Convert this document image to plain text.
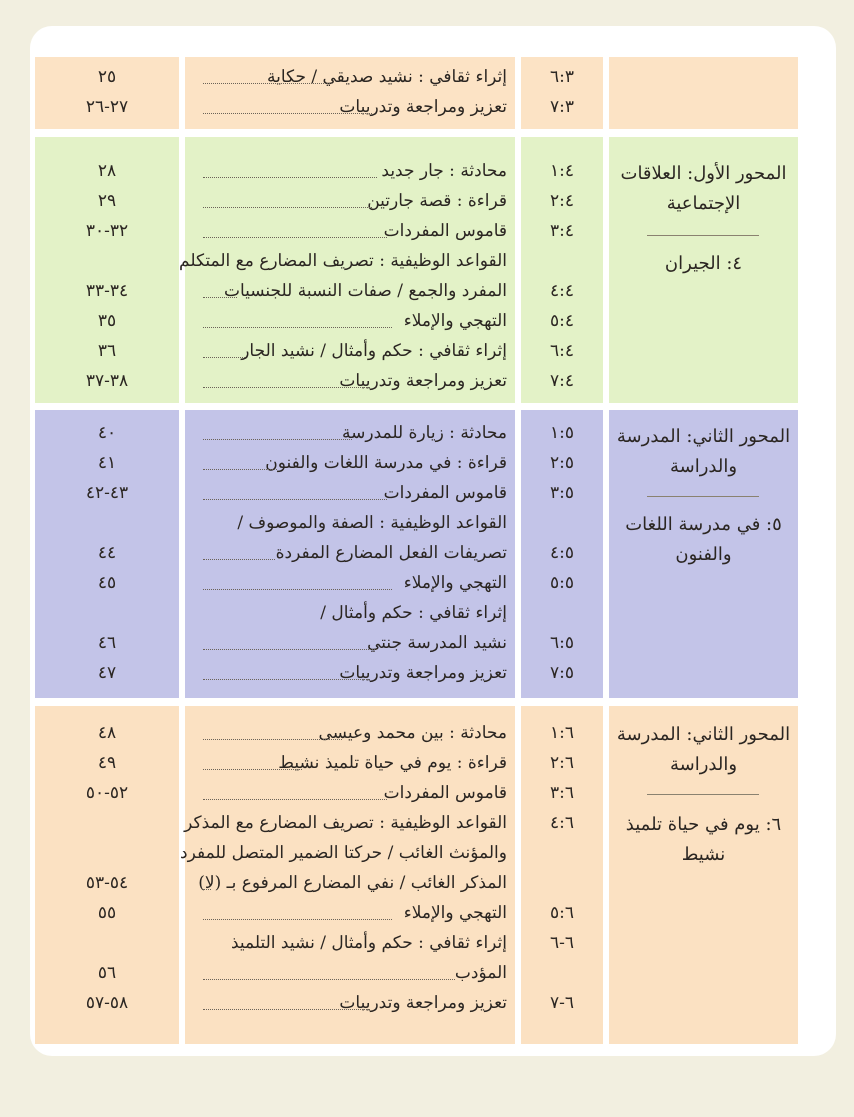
٢٥
٢٧-٢٦
إثراء ثقافي : نشيد صديقي / حكاية
تعزيز ومراجعة وتدريبات
٦:٣
٧:٣
٢٨
٢٩
٣٢-٣٠
٣٤-٣٣
٣٥
٣٦
٣٨-٣٧
محادثة : جار جديد
قراءة : قصة جارتين
قاموس المفردات
القواعد الوظيفية : تصريف المضارع مع المتكلم
المفرد والجمع / صفات النسبة للجنسيات
التهجي والإملاء
إثراء ثقافي : حكم وأمثال / نشيد الجار
تعزيز ومراجعة وتدريبات
١:٤
٢:٤
٣:٤
٤:٤
٥:٤
٦:٤
٧:٤
المحور الأول: العلاقات الإجتماعية
٤: الجيران
٤٠
٤١
٤٣-٤٢
٤٤
٤٥
٤٦
٤٧
محادثة : زيارة للمدرسة
قراءة : في مدرسة اللغات والفنون
قاموس المفردات
القواعد الوظيفية : الصفة والموصوف /
تصريفات الفعل المضارع المفردة
التهجي والإملاء
إثراء ثقافي : حكم وأمثال /
نشيد المدرسة جنتي
تعزيز ومراجعة وتدريبات
١:٥
٢:٥
٣:٥
٤:٥
٥:٥
٦:٥
٧:٥
المحور الثاني: المدرسة والدراسة
٥: في مدرسة اللغات والفنون
٤٨
٤٩
٥٢-٥٠
٥٤-٥٣
٥٥
٥٦
٥٨-٥٧
محادثة : بين محمد وعيسى
قراءة : يوم في حياة تلميذ نشيط
قاموس المفردات
القواعد الوظيفية : تصريف المضارع مع المذكر
والمؤنث الغائب / حركتا الضمير المتصل للمفرد
المذكر الغائب / نفي المضارع المرفوع بـ (لا)
التهجي والإملاء
إثراء ثقافي : حكم وأمثال / نشيد التلميذ
المؤدب
تعزيز ومراجعة وتدريبات
١:٦
٢:٦
٣:٦
٤:٦
٥:٦
٦-٦
٦-٧
المحور الثاني: المدرسة والدراسة
٦: يوم في حياة تلميذ نشيط
